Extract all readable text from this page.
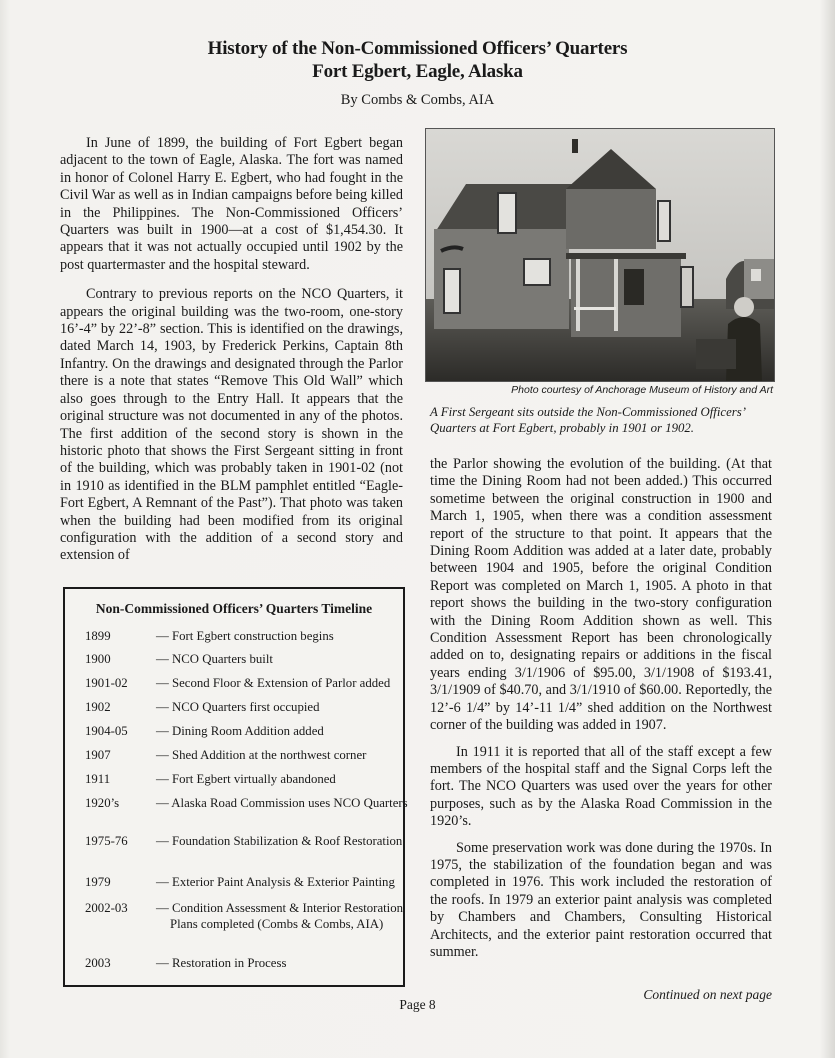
History of the Non-Commissioned Officers’ Quarters
Fort Egbert, Eagle, Alaska
By Combs & Combs, AIA

In June of 1899, the building of Fort Egbert began adjacent to the town of Eagle, Alaska. The fort was named in honor of Colonel Harry E. Egbert, who had fought in the Civil War as well as in Indian campaigns before being killed in the Philippines. The Non-Commissioned Officers’ Quarters was built in 1900—at a cost of $1,454.30. It appears that it was not actually occupied until 1902 by the post quartermaster and the hospital steward.

Contrary to previous reports on the NCO Quarters, it appears the original building was the two-room, one-story 16’-4” by 22’-8” section. This is identified on the drawings, dated March 14, 1903, by Frederick Perkins, Captain 8th Infantry. On the drawings and designated through the Parlor there is a note that states “Remove This Old Wall” which also goes through to the Entry Hall. It appears that the original structure was not documented in any of the photos. The first addition of the second story is shown in the historic photo that shows the First Sergeant sitting in front of the building, which was probably taken in 1901-02 (not in 1910 as identified in the BLM pamphlet entitled “Eagle-Fort Egbert, A Remnant of the Past”). That photo was taken when the building had been modified from its original configuration with the addition of a second story and extension of

Photo courtesy of Anchorage Museum of History and Art
A First Sergeant sits outside the Non-Commissioned Officers’ Quarters at Fort Egbert, probably in 1901 or 1902.

the Parlor showing the evolution of the building. (At that time the Dining Room had not been added.) This occurred sometime between the original construction in 1900 and March 1, 1905, when there was a condition assessment report of the structure to that point. It appears that the Dining Room Addition was added at a later date, probably between 1904 and 1905, before the original Condition Report was completed on March 1, 1905. A photo in that report shows the building in the two-story configuration with the Dining Room Addition shown as well. This Condition Assessment Report has been chronologically added on to, designating repairs or additions in the fiscal years ending 3/1/1906 of $95.00, 3/1/1908 of $193.41, 3/1/1909 of $40.70, and 3/1/1910 of $60.00. Reportedly, the 12’-6 1/4” by 14’-11 1/4” shed addition on the Northwest corner of the building was added in 1907.

In 1911 it is reported that all of the staff except a few members of the hospital staff and the Signal Corps left the fort. The NCO Quarters was used over the years for other purposes, such as by the Alaska Road Commission in the 1920’s.

Some preservation work was done during the 1970s. In 1975, the stabilization of the foundation began and was completed in 1976. This work included the restoration of the roofs. In 1979 an exterior paint analysis was completed by Chambers and Chambers, Consulting Historical Architects, and the exterior paint restoration occurred that summer.

Non-Commissioned Officers’ Quarters Timeline
1899	— Fort Egbert construction begins
1900	— NCO Quarters built
1901-02	— Second Floor & Extension of Parlor added
1902	— NCO Quarters first occupied
1904-05	— Dining Room Addition added
1907	— Shed Addition at the northwest corner
1911	— Fort Egbert virtually abandoned
1920’s	— Alaska Road Commission uses NCO Quarters
1975-76	— Foundation Stabilization & Roof Restoration
1979	— Exterior Paint Analysis & Exterior Painting
2002-03	— Condition Assessment & Interior Restoration Plans completed (Combs & Combs, AIA)
2003	— Restoration in Process
Page 8
Continued on next page
